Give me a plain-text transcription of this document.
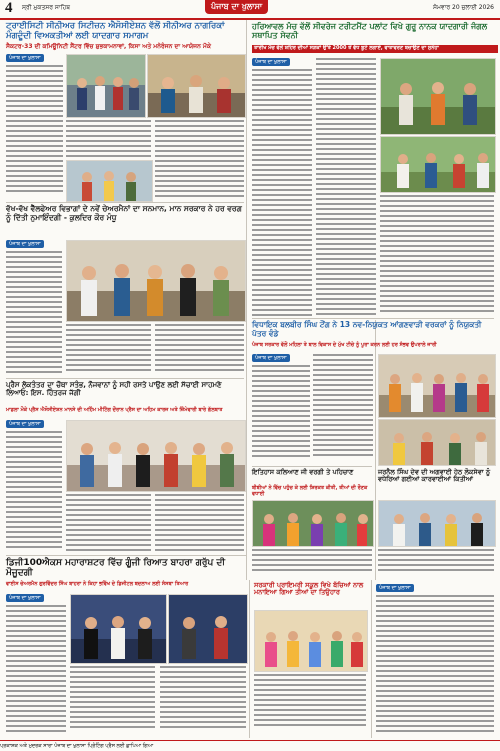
4 ਸ੍ਰੀ ਮੁਕਤਸਰ ਸਾਹਿਬ	ਪੰਜਾਬ ਦਾ ਖੁਲਾਸਾ	ਸੋਮਵਾਰ 20 ਜੁਲਾਈ 2026
ਟ੍ਰਾਈਸਿਟੀ ਸੀਨੀਅਰ ਸਿਟੀਜ਼ਨ ਐਸੋਸੀਏਸ਼ਨ ਵੱਲੋਂ ਸੀਨੀਅਰ ਨਾਗਰਿਕਾਂ ਮੰਗਦੂੰਦੀ ਵਿਅਕਤੀਆਂ ਲਈ ਯਾਦਗਾਰ ਸਮਾਗਮ
ਸੈਕਟਰ-33 ਦੀ ਕਮਿਊਨਿਟੀ ਸੈਂਟਰ ਵਿੱਚ ਸ਼ੁਭਕਾਮਨਾਵਾਂ, ਕਿਸਾ ਅਤੇ ਮਨੋਰੰਜਨ ਦਾ ਆਯੋਜਨ ਮੌਕੇ
ਪੰਜਾਬ ਦਾ ਖੁਲਾਸਾ
ਵੱਖ-ਵੱਖ ਵੈੱਲਫੇਅਰ ਵਿਭਾਗਾਂ ਦੇ ਨਵੇਂ ਚੇਅਰਮੈਨਾਂ ਦਾ ਸਨਮਾਨ, ਮਾਨ ਸਰਕਾਰ ਨੇ ਹਰ ਵਰਗ ਨੂੰ ਦਿੱਤੀ ਨੁਮਾਇੰਦਗੀ - ਕੁਲਦਿਰ ਕੌਰ ਮੰਧੂ
ਪੰਜਾਬ ਦਾ ਖੁਲਾਸਾ
ਪ੍ਰੈਸ ਲੋਕਤੰਤਰ ਦਾ ਚੌਥਾ ਸਤੰਭ, ਨੌਜਵਾਨਾਂ ਨੂੰ ਸਹੀ ਰਸਤੇ ਪਾਉਣ ਲਈ ਸੱਚਾਈ ਸਾਹਮਣੇ ਲਿਆਓ: ਇਸ. ਹਿੰਤਰਜ ਜੱਗੀ
ਮਾਡਲਾ ਮੌਕੇ ਪ੍ਰੈਸ ਐਸੋਸੀਏਸ਼ਨ ਮਾਨਸੇ ਦੀ ਅਹਿੰਮ ਮੀਟਿੰਗ ਦੌਰਾਨ ਪ੍ਰੈਸ ਦਾ ਅਹਿਮ ਕਾਰਜ ਅਤੇ ਜ਼ਿੰਮੇਵਾਰੀ ਬਾਰੇ ਗੱਲਬਾਤ
ਪੰਜਾਬ ਦਾ ਖੁਲਾਸਾ
ਹਰਿਆਵਲ ਮੰਚ ਵੱਲੋਂ ਸੀਵਰੇਜ ਟਰੀਟਮੈਂਟ ਪਲਾਂਟ ਵਿਖੇ ਗੁਰੂ ਨਾਨਕ ਯਾਦਗਾਰੀ ਜੰਗਲ ਸਥਾਪਿਤ ਸੇਵਨੀ
ਤਾਰੀਖ ਮੰਚ ਵੱਲੋਂ ਸ਼ਹਿਰ ਦੀਆਂ ਸੜਕਾਂ ਉੱਤੇ 2000 ਤੋਂ ਵੱਧ ਬੂਟੇ ਲਗਾਏ, ਵਾਤਾਵਰਣ ਬਚਾਉਣ ਦਾ ਸੁਨੇਹਾ
ਪੰਜਾਬ ਦਾ ਖੁਲਾਸਾ
ਵਿਧਾਇਕ ਬਲਬੀਰ ਸਿੰਘ ਟੌਂਗ ਨੇ 13 ਨਵ-ਨਿਯੁਕਤ ਆਂਗਣਵਾੜੀ ਵਰਕਰਾਂ ਨੂੰ ਨਿਯੁਕਤੀ ਪੱਤਰ ਵੰਡੇ
ਪੰਜਾਬ ਸਰਕਾਰ ਵੱਲੋਂ ਮਹਿਲਾ ਤੇ ਬਾਲ ਵਿਕਾਸ ਦੇ ਮੁੱਖ ਟੀਚੇ ਨੂੰ ਪੂਰਾ ਕਰਨ ਲਈ ਹਰ ਸੰਭਵ ਉਪਰਾਲੇ ਜਾਰੀ
ਪੰਜਾਬ ਦਾ ਖੁਲਾਸਾ
ਇਤਿਹਾਸ ਕਲਿਆਣ ਜੀ ਵਰਗੀ ਤੇ ਪਹਿਚਾਣ
ਬੀਬੀਆਂ ਨੇ ਵਿੱਚ ਪਹੁੰਚ ਕੇ ਲਈ ਸ਼ਿਰਕਤ ਕੀਤੀ, ਤੀਆਂ ਦੀ ਰੌਣਕ ਵਧਾਈ
ਜਰਨੈਲ ਸਿੰਘ ਦੇਵ ਦੀ ਅਗਵਾਈ ਹੇਠ ਲੋਕਸੇਵਾ ਨੂੰ ਵਧੇਰਿਆਂ ਗਈਆਂ ਕਾਰਵਾਈਆਂ ਕਿਤੀਆਂ
ਡਿਜੀ100ਐਕਸ ਮਹਾਰਾਸ਼ਟਰ ਵਿੱਚ ਗੂੰਜੀ ਰਿਆਤ ਬਾਹਰਾ ਗਰੁੱਪ ਦੀ ਮੌਜੂਦਗੀ
ਵਾਈਸ ਚੇਅਰਮੈਨ ਗੁਰਵਿੰਦਰ ਸਿੰਘ ਬਾਹਰਾ ਨੇ ਕਿਹਾ ਭਵਿੱਖ ਦੇ ਡਿਜੀਟਲ ਬਦਲਾਅ ਲਈ ਸੰਸਥਾ ਤਿਆਰ
ਪੰਜਾਬ ਦਾ ਖੁਲਾਸਾ
ਸਰਕਾਰੀ ਪ੍ਰਾਇਮਰੀ ਸਕੂਲ ਵਿਖੇ ਬੱਚਿਆਂ ਨਾਲ ਮਨਾਇਆ ਗਿਆ ਤੀਆਂ ਦਾ ਤਿਉਹਾਰ
ਪੰਜਾਬ ਦਾ ਖੁਲਾਸਾ
ਪ੍ਰਕਾਸ਼ਕ ਅਤੇ ਮੁਦਰਕ ਸਾਰਾ ਪੰਜਾਬ ਦਾ ਖੁਲਾਸਾ ਪ੍ਰਿੰਟਿੰਗ ਪ੍ਰੈਸ ਲਈ ਛਾਪਿਆ ਗਿਆ
